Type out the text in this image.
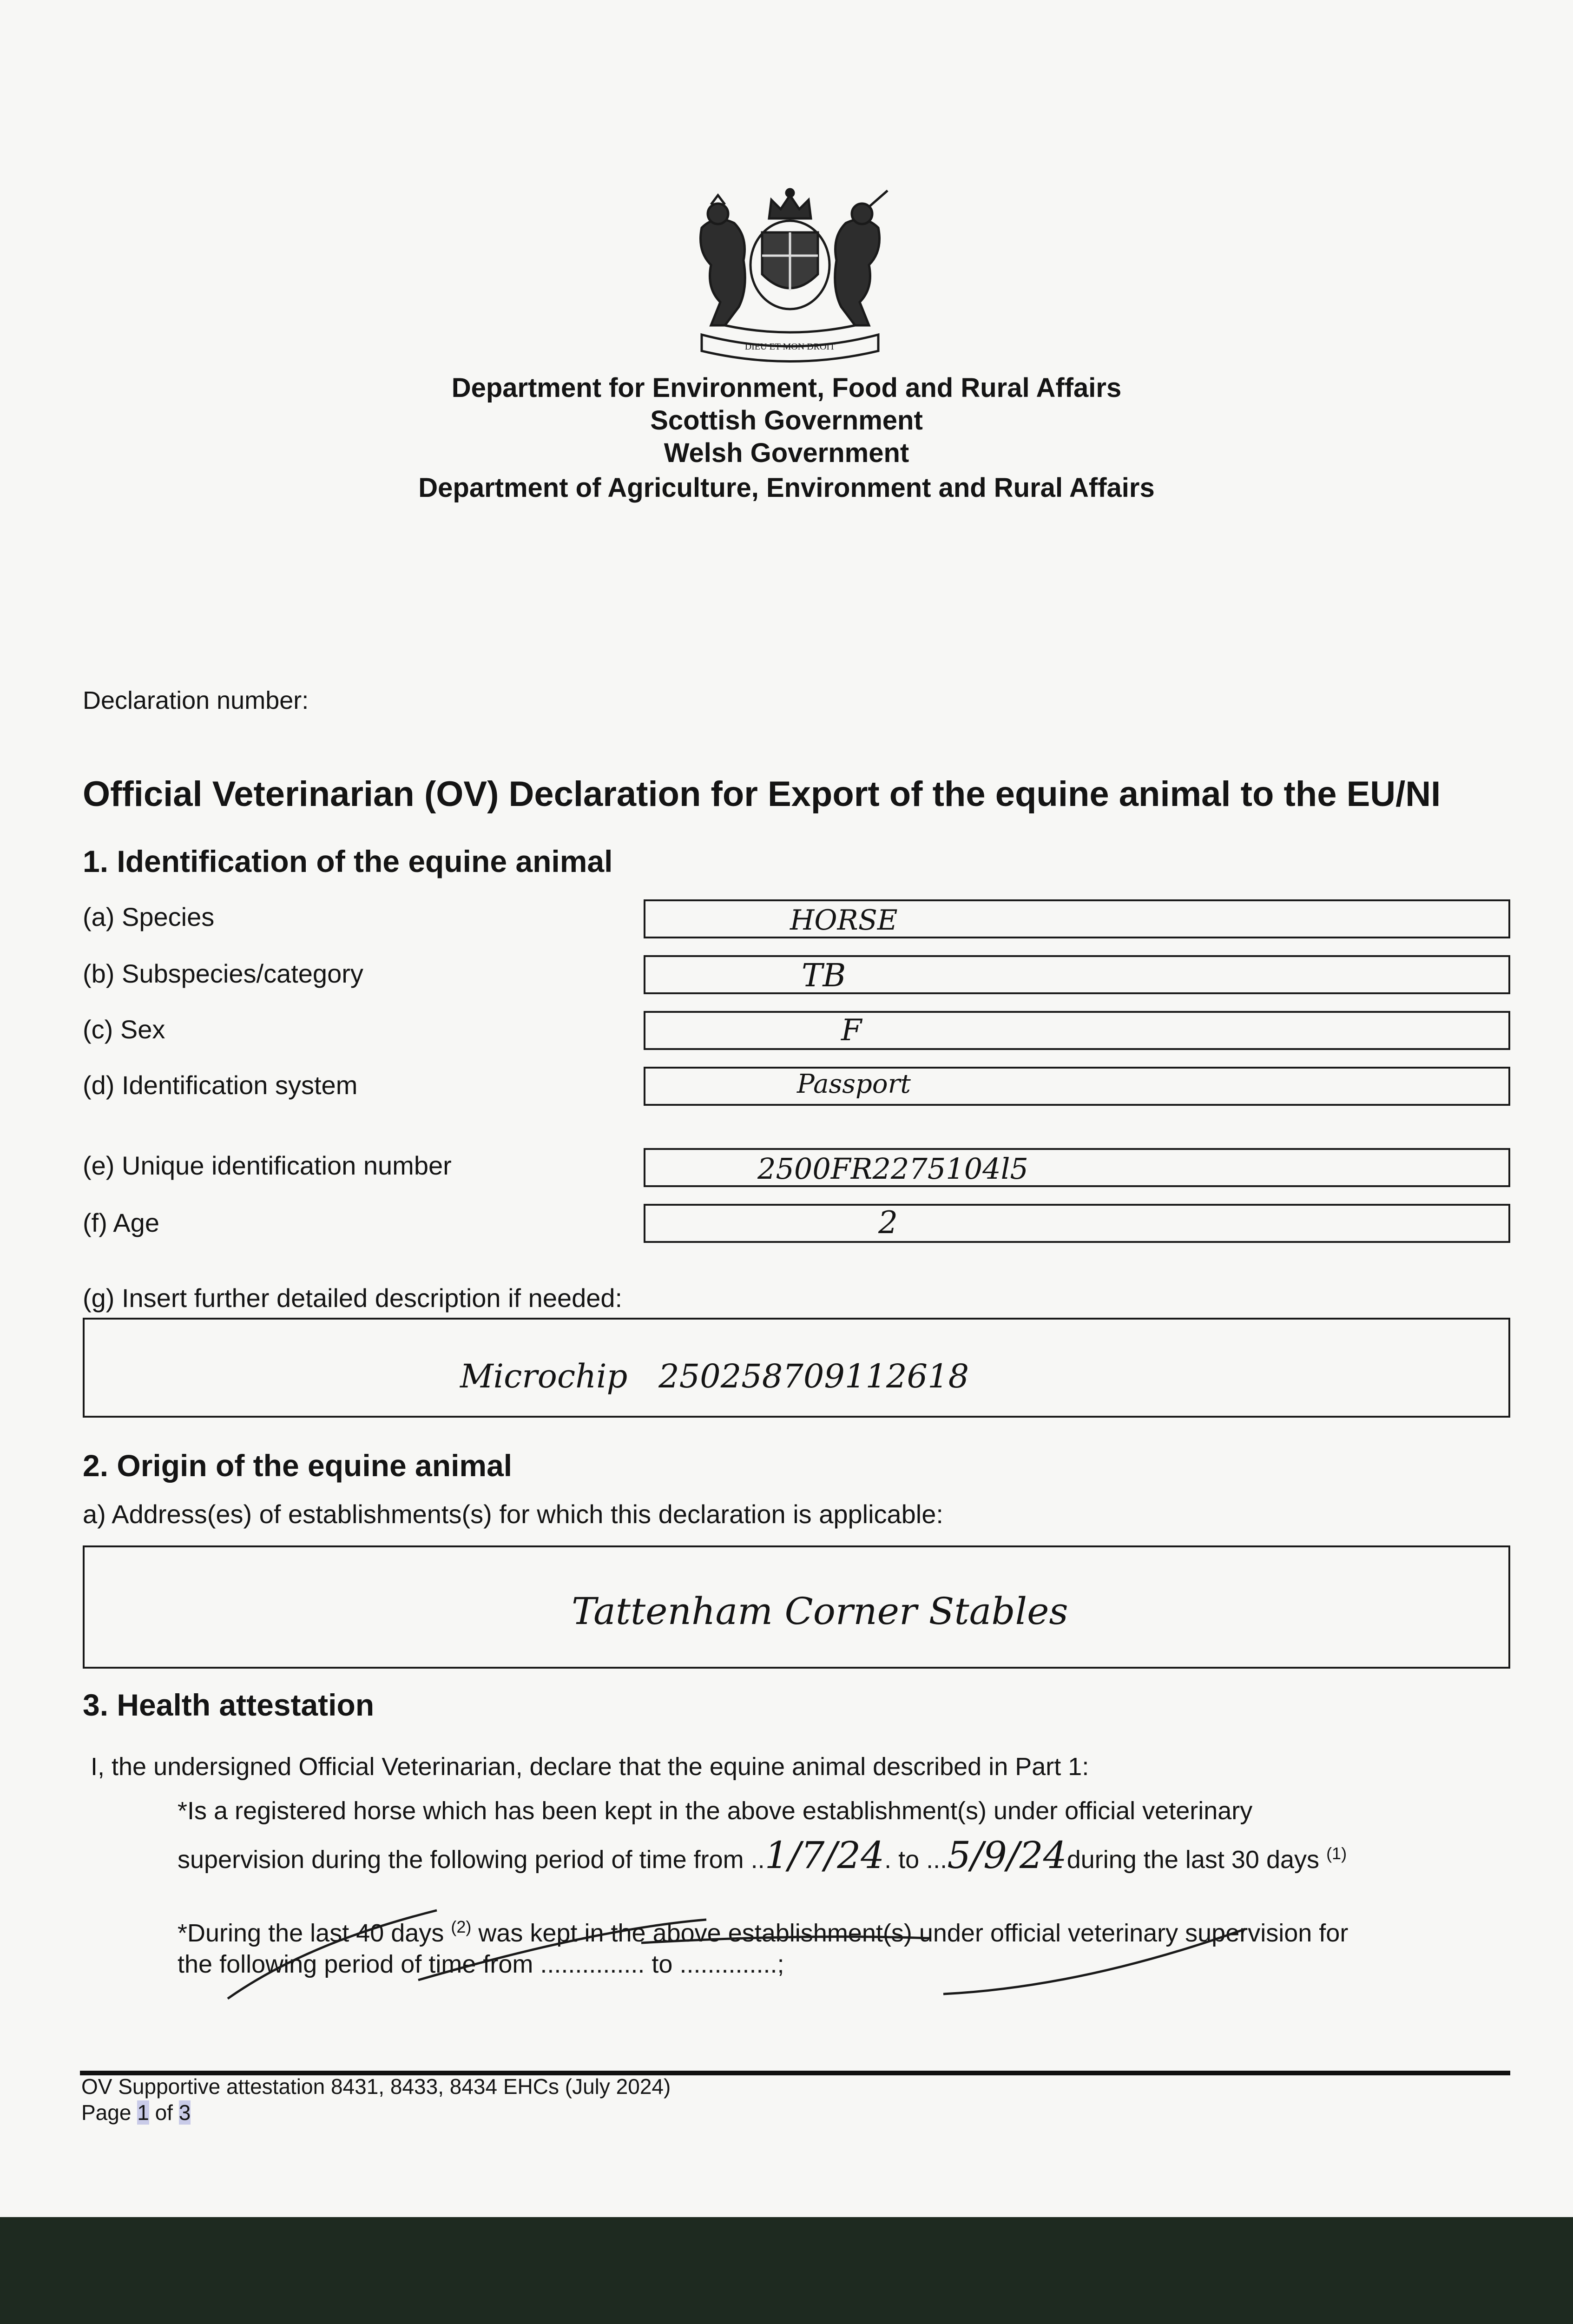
DIEU ET MON DROIT
Department for Environment, Food and Rural Affairs
Scottish Government
Welsh Government
Department of Agriculture, Environment and Rural Affairs
Declaration number:
Official Veterinarian (OV) Declaration for Export of the equine animal to the EU/NI
1. Identification of the equine animal
(a) Species	HORSE
(b) Subspecies/category	TB
(c) Sex	F
(d) Identification system	Passport
(e) Unique identification number	2500FR2275104l5
(f) Age	2
(g) Insert further detailed description if needed:
Microchip   250258709112618
2. Origin of the equine animal
a) Address(es) of establishments(s) for which this declaration is applicable:
Tattenham Corner Stables
3. Health attestation
I, the undersigned Official Veterinarian, declare that the equine animal described in Part 1:
*Is a registered horse which has been kept in the above establishment(s) under official veterinary
supervision during the following period of time from ..1/7/24. to ...5/9/24during the last 30 days $^{(1)}$
*During the last 40 days $^{(2)}$ was kept in the above establishment(s) under official veterinary supervision for
the following period of time from ............... to ..............;
OV Supportive attestation 8431, 8433, 8434 EHCs (July 2024)
Page 1 of 3
